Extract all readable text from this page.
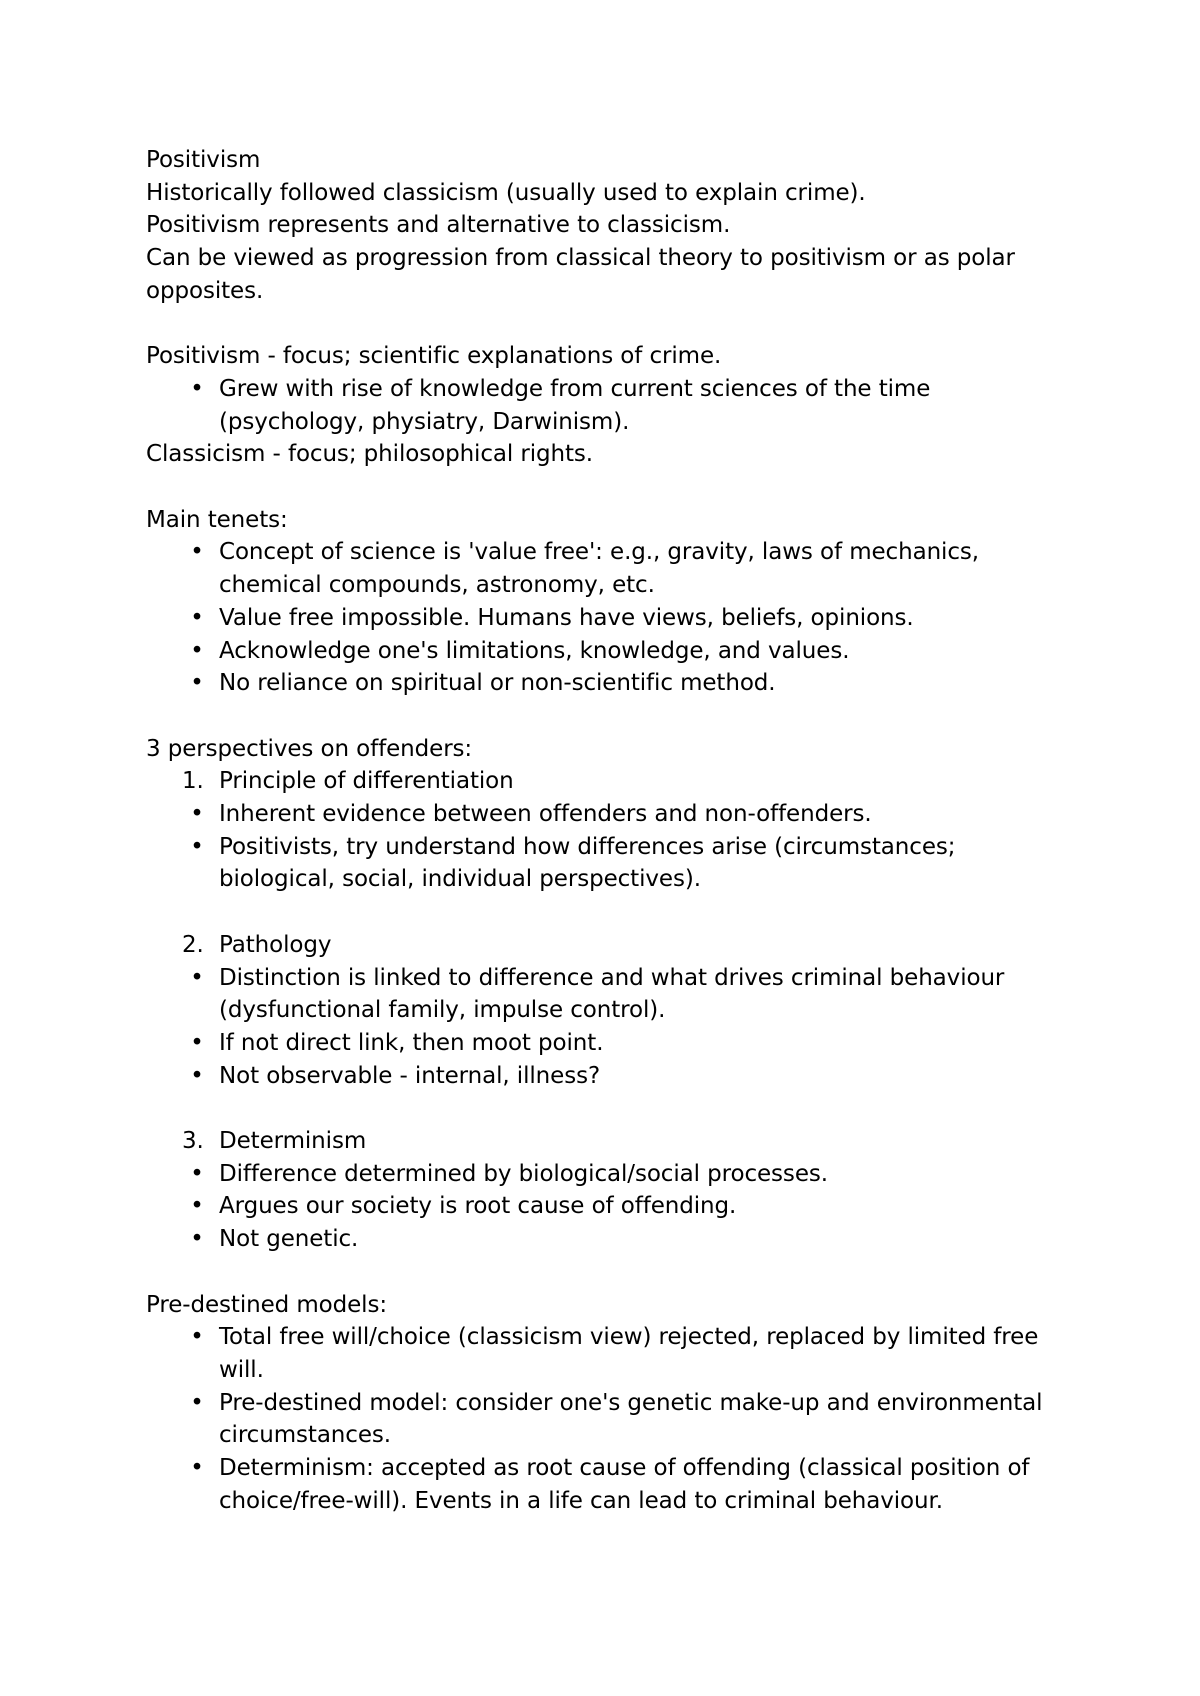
Positivism
Historically followed classicism (usually used to explain crime).
Positivism represents and alternative to classicism.
Can be viewed as progression from classical theory to positivism or as polar opposites.
Positivism - focus; scientific explanations of crime.
• Grew with rise of knowledge from current sciences of the time (psychology, physiatry, Darwinism).
Classicism - focus; philosophical rights.
Main tenets:
• Concept of science is 'value free': e.g., gravity, laws of mechanics, chemical compounds, astronomy, etc.
• Value free impossible. Humans have views, beliefs, opinions.
• Acknowledge one's limitations, knowledge, and values.
• No reliance on spiritual or non-scientific method.
3 perspectives on offenders:
1. Principle of differentiation
• Inherent evidence between offenders and non-offenders.
• Positivists, try understand how differences arise (circumstances; biological, social, individual perspectives).
2. Pathology
• Distinction is linked to difference and what drives criminal behaviour (dysfunctional family, impulse control).
• If not direct link, then moot point.
• Not observable - internal, illness?
3. Determinism
• Difference determined by biological/social processes.
• Argues our society is root cause of offending.
• Not genetic.
Pre-destined models:
• Total free will/choice (classicism view) rejected, replaced by limited free will.
• Pre-destined model: consider one's genetic make-up and environmental circumstances.
• Determinism: accepted as root cause of offending (classical position of choice/free-will). Events in a life can lead to criminal behaviour.
